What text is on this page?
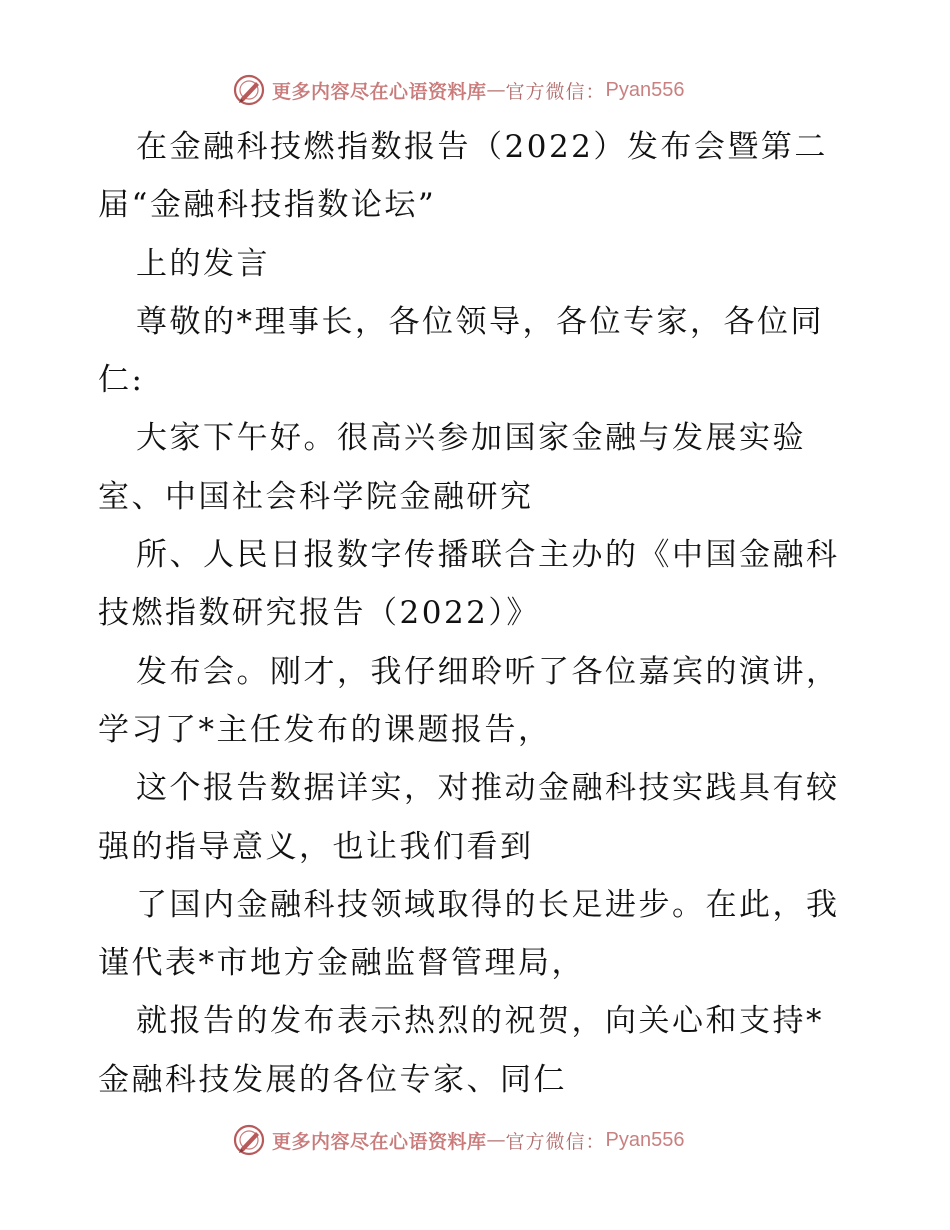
更多内容尽在心语资料库 — 官方微信： Pyan556
在金融科技燃指数报告（2022）发布会暨第二
届“金融科技指数论坛”
上的发言
尊敬的*理事长，各位领导，各位专家，各位同
仁:
大家下午好。很高兴参加国家金融与发展实验
室、中国社会科学院金融研究
所、人民日报数字传播联合主办的《中国金融科
技燃指数研究报告（2022）》
发布会。刚才，我仔细聆听了各位嘉宾的演讲，
学习了*主任发布的课题报告，
这个报告数据详实，对推动金融科技实践具有较
强的指导意义，也让我们看到
了国内金融科技领域取得的长足进步。在此，我
谨代表*市地方金融监督管理局，
就报告的发布表示热烈的祝贺，向关心和支持*
金融科技发展的各位专家、同仁
更多内容尽在心语资料库 — 官方微信： Pyan556
